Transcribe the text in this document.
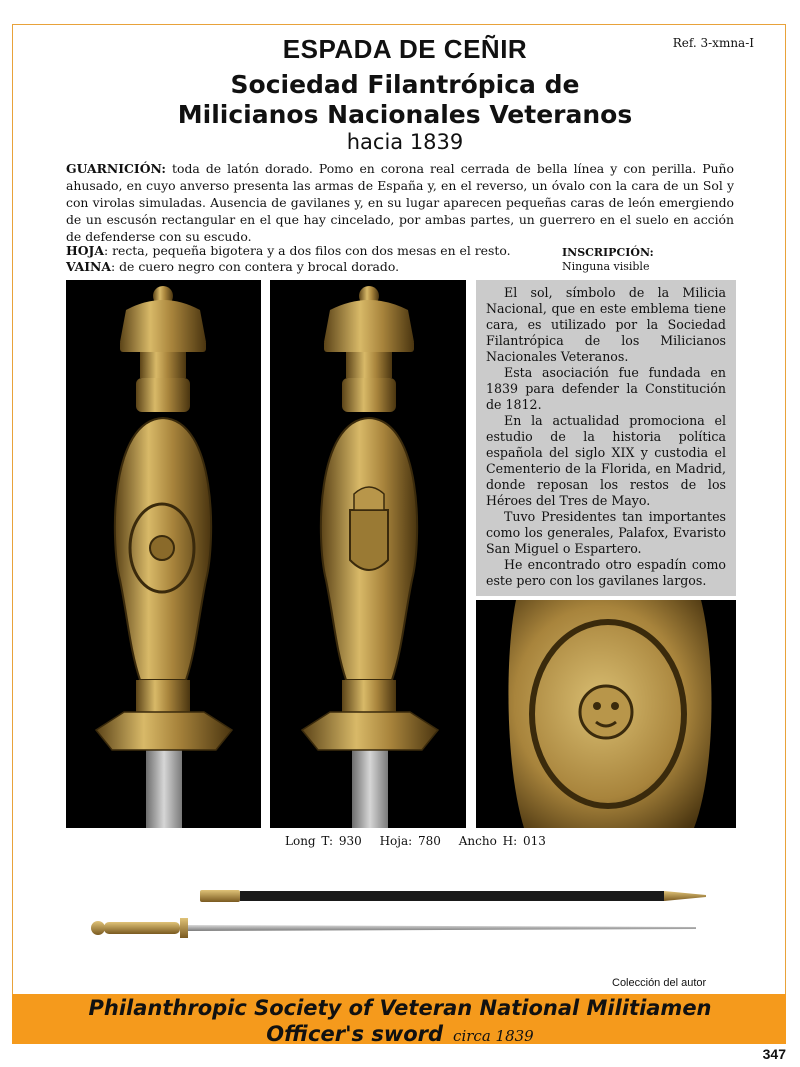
Ref. 3-xmna-I
ESPADA DE CEÑIR
Sociedad Filantrópica de
Milicianos Nacionales Veteranos
hacia 1839

GUARNICIÓN: toda de latón dorado. Pomo en corona real cerrada de bella línea y con perilla. Puño ahusado, en cuyo anverso presenta las armas de España y, en el reverso, un óvalo con la cara de un Sol y con virolas simuladas. Ausencia de gavilanes y, en su lugar aparecen pequeñas caras de león emergiendo de un escusón rectangular en el que hay cincelado, por ambas partes, un guerrero en el suelo en acción de defenderse con su escudo.

HOJA: recta, pequeña bigotera y a dos filos con dos mesas en el resto.

VAINA: de cuero negro con contera y brocal dorado.

INSCRIPCIÓN:
Ninguna visible

El sol, símbolo de la Milicia Nacional, que en este emblema tiene cara, es utilizado por la Sociedad Filantrópica de los Milicianos Nacionales Veteranos.

Esta asociación fue fundada en 1839 para defender la Constitución de 1812.

En la actualidad promociona el estudio de la historia política española del siglo XIX y custodia el Cementerio de la Florida, en Madrid, donde reposan los restos de los Héroes del Tres de Mayo.

Tuvo Presidentes tan importantes como los generales, Palafox, Evaristo San Miguel o Espartero.

He encontrado otro espadín como este pero con los gavilanes largos.

Long T: 930 Hoja: 780 Ancho H: 013
Colección del autor
Philanthropic Society of Veteran National Militiamen
Officer's sword circa 1839
347
